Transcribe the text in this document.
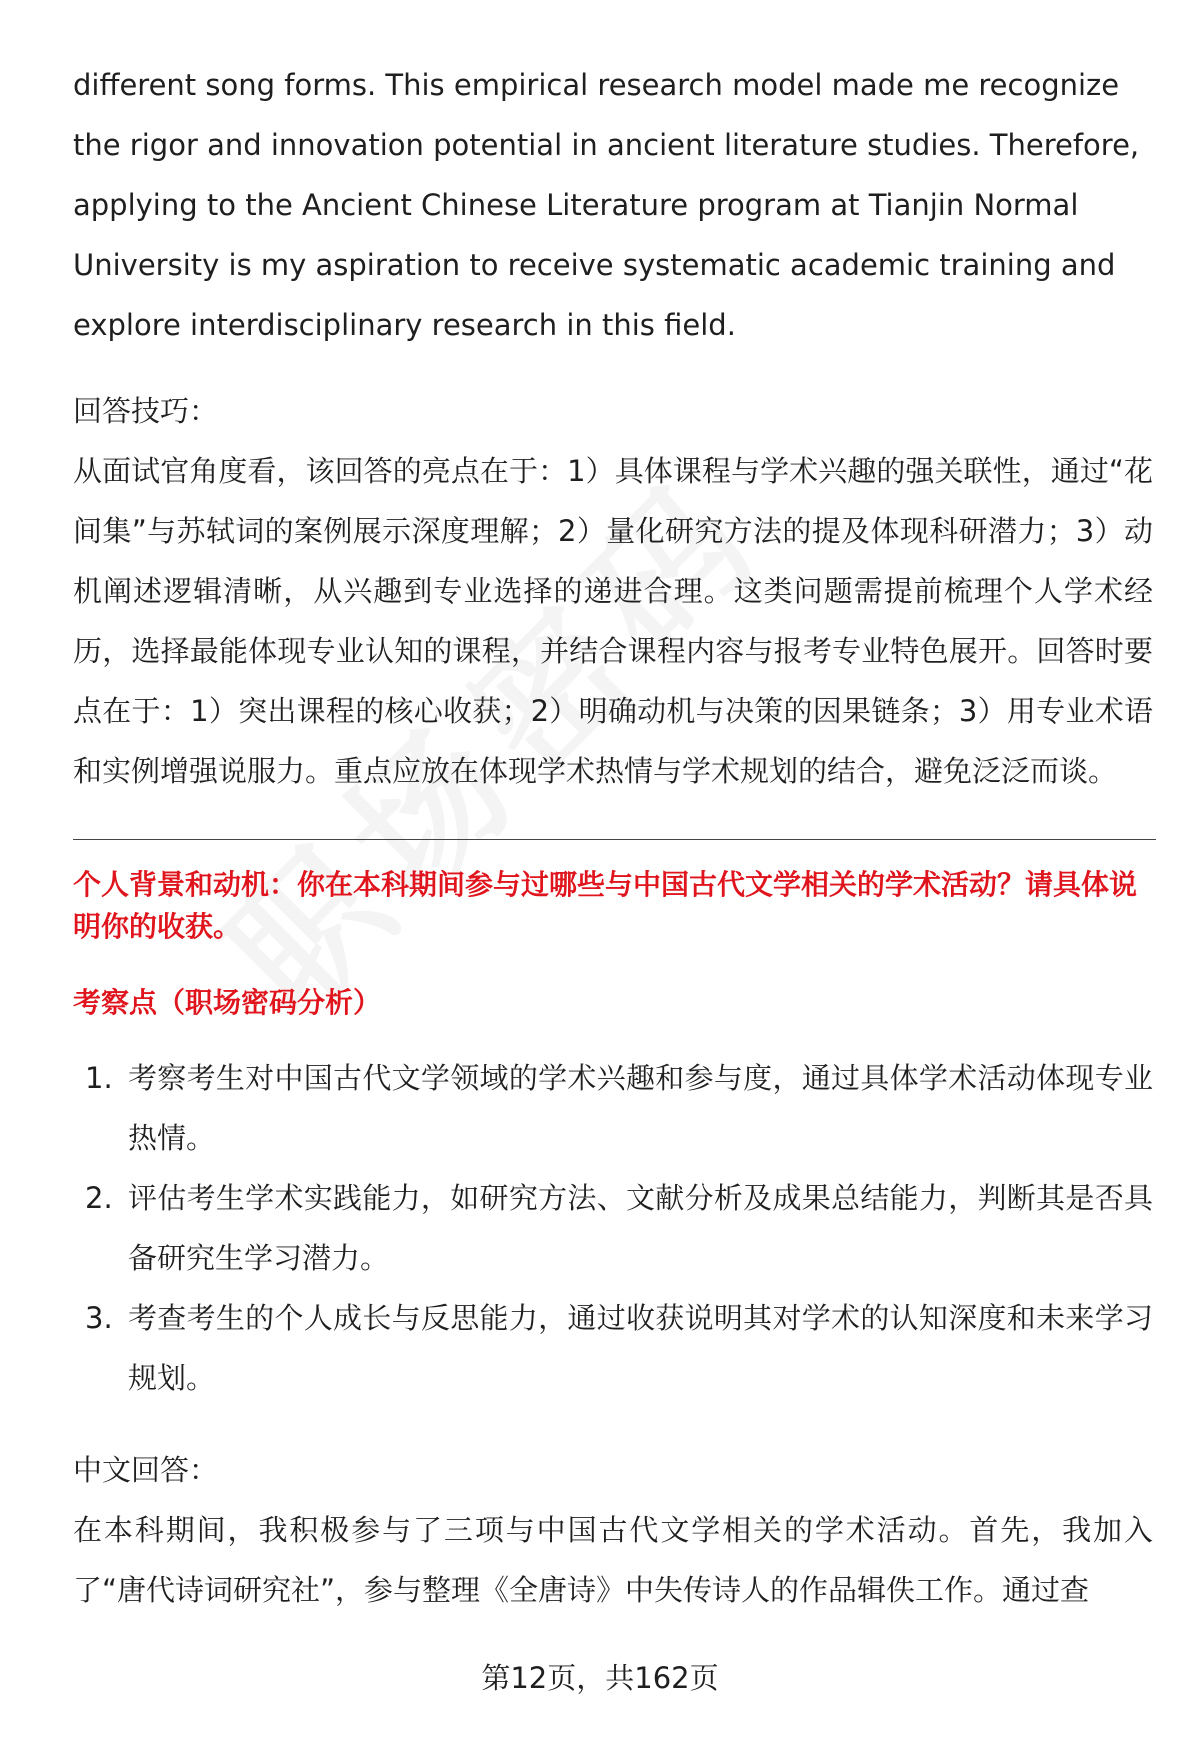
different song forms. This empirical research model made me recognize the rigor and innovation potential in ancient literature studies. Therefore, applying to the Ancient Chinese Literature program at Tianjin Normal University is my aspiration to receive systematic academic training and explore interdisciplinary research in this field.

回答技巧：

从面试官角度看，该回答的亮点在于：1）具体课程与学术兴趣的强关联性，通过“花间集”与苏轼词的案例展示深度理解；2）量化研究方法的提及体现科研潜力；3）动机阐述逻辑清晰，从兴趣到专业选择的递进合理。这类问题需提前梳理个人学术经历，选择最能体现专业认知的课程，并结合课程内容与报考专业特色展开。回答时要点在于：1）突出课程的核心收获；2）明确动机与决策的因果链条；3）用专业术语和实例增强说服力。重点应放在体现学术热情与学术规划的结合，避免泛泛而谈。

个人背景和动机：你在本科期间参与过哪些与中国古代文学相关的学术活动？请具体说明你的收获。

考察点（职场密码分析）

1. 考察考生对中国古代文学领域的学术兴趣和参与度，通过具体学术活动体现专业热情。
2. 评估考生学术实践能力，如研究方法、文献分析及成果总结能力，判断其是否具备研究生学习潜力。
3. 考查考生的个人成长与反思能力，通过收获说明其对学术的认知深度和未来学习规划。

中文回答：

在本科期间，我积极参与了三项与中国古代文学相关的学术活动。首先，我加入了“唐代诗词研究社”，参与整理《全唐诗》中失传诗人的作品辑佚工作。通过查

第12页，共162页
